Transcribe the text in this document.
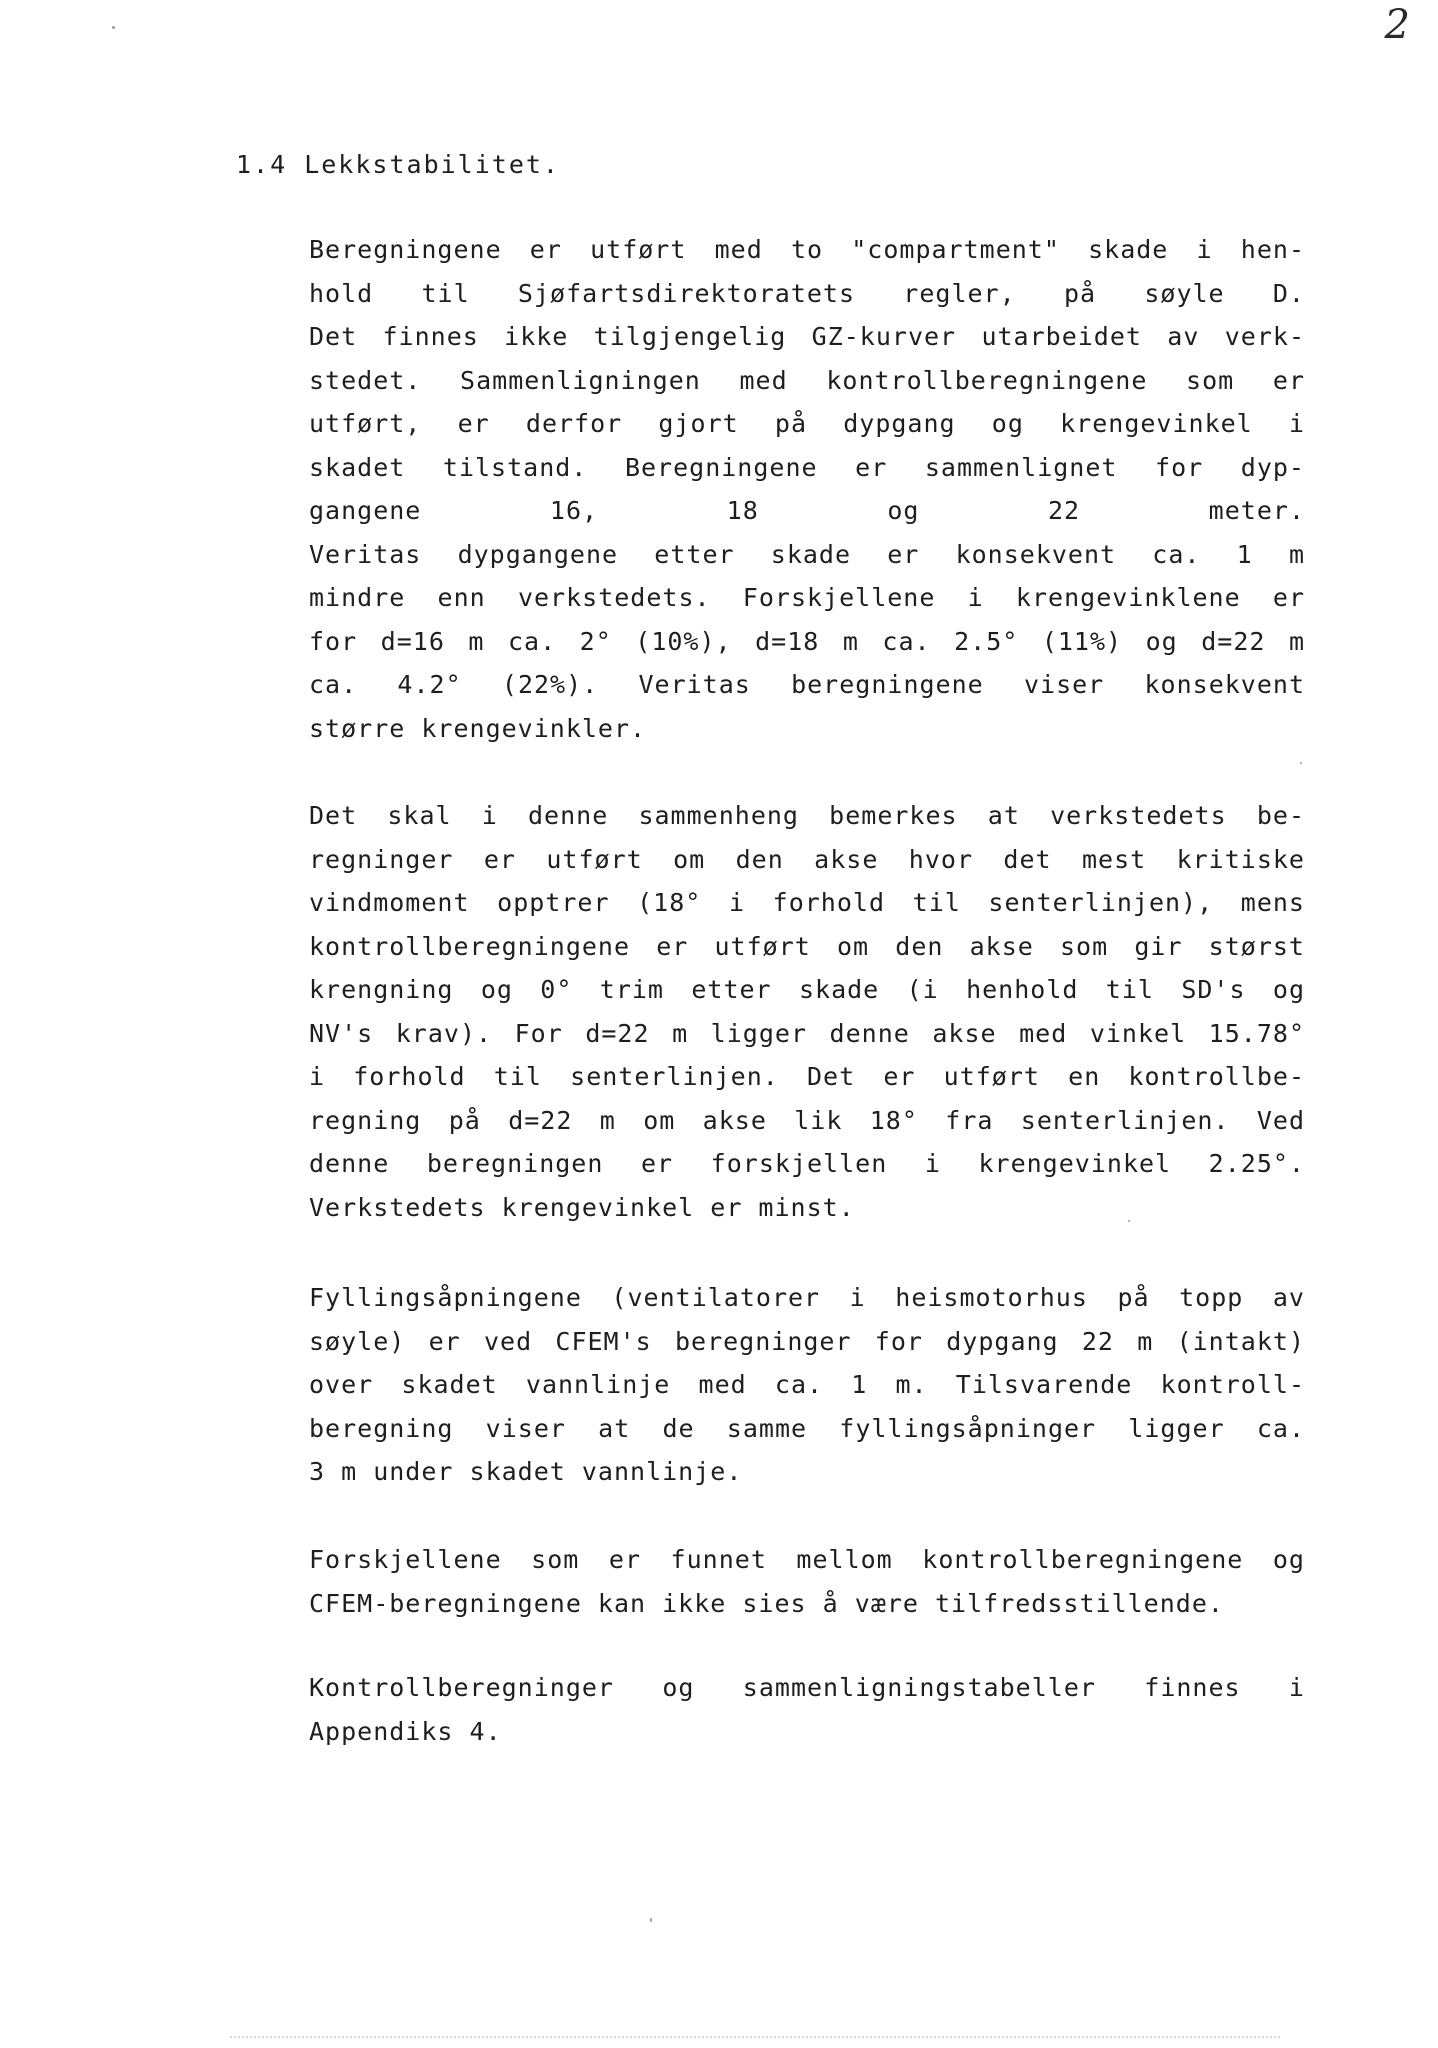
2
1.4 Lekkstabilitet.
Beregningene er utført med to "compartment" skade i hen-
hold til Sjøfartsdirektoratets regler, på søyle D.
Det finnes ikke tilgjengelig GZ-kurver utarbeidet av verk-
stedet. Sammenligningen med kontrollberegningene som er
utført, er derfor gjort på dypgang og krengevinkel i
skadet tilstand. Beregningene er sammenlignet for dyp-
gangene 16, 18 og 22 meter.
Veritas dypgangene etter skade er konsekvent ca. 1 m
mindre enn verkstedets. Forskjellene i krengevinklene er
for d=16 m ca. 2° (10%), d=18 m ca. 2.5° (11%) og d=22 m
ca. 4.2° (22%). Veritas beregningene viser konsekvent
større krengevinkler.
Det skal i denne sammenheng bemerkes at verkstedets be-
regninger er utført om den akse hvor det mest kritiske
vindmoment opptrer (18° i forhold til senterlinjen), mens
kontrollberegningene er utført om den akse som gir størst
krengning og 0° trim etter skade (i henhold til SD's og
NV's krav). For d=22 m ligger denne akse med vinkel 15.78°
i forhold til senterlinjen. Det er utført en kontrollbe-
regning på d=22 m om akse lik 18° fra senterlinjen. Ved
denne beregningen er forskjellen i krengevinkel 2.25°.
Verkstedets krengevinkel er minst.
Fyllingsåpningene (ventilatorer i heismotorhus på topp av
søyle) er ved CFEM's beregninger for dypgang 22 m (intakt)
over skadet vannlinje med ca. 1 m. Tilsvarende kontroll-
beregning viser at de samme fyllingsåpninger ligger ca.
3 m under skadet vannlinje.
Forskjellene som er funnet mellom kontrollberegningene og
CFEM-beregningene kan ikke sies å være tilfredsstillende.
Kontrollberegninger og sammenligningstabeller finnes i
Appendiks 4.
